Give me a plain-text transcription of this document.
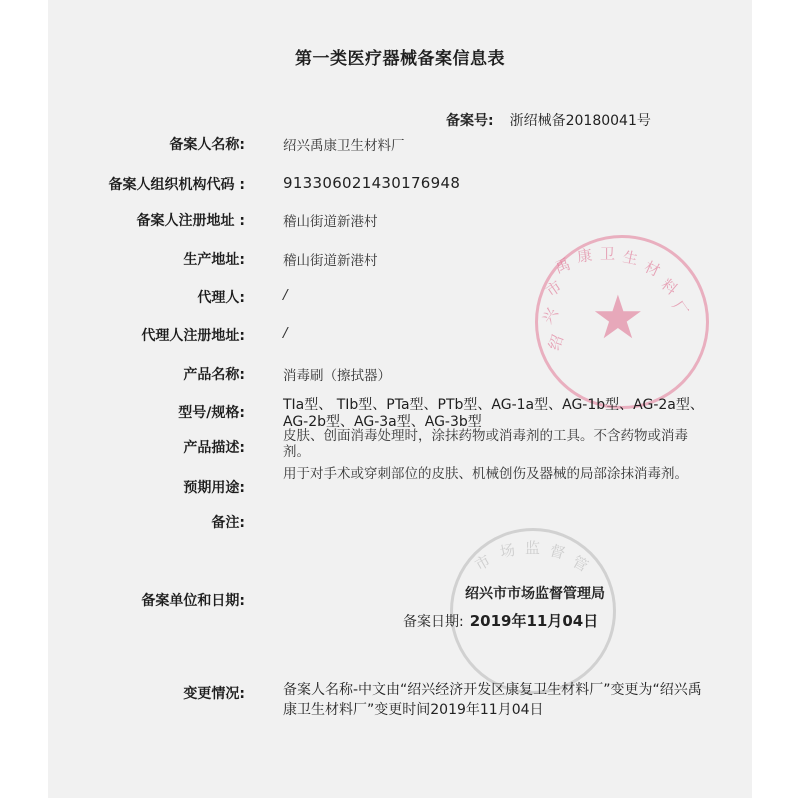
第一类医疗器械备案信息表
备案号: 浙绍械备20180041号
★
禹 康 卫 生 材
料
厂
市
兴
绍
市
场 监 督
管
备案人名称:	绍兴禹康卫生材料厂
备案人组织机构代码 :	913306021430176948
备案人注册地址 :	稽山街道新港村
生产地址:	稽山街道新港村
代理人:	/
代理人注册地址:	/
产品名称:	消毒刷（擦拭器）
型号/规格:	TIa型、 TIb型、PTa型、PTb型、AG-1a型、AG-1b型、AG-2a型、AG-2b型、AG-3a型、AG-3b型
产品描述:
皮肤、创面消毒处理时，涂抹药物或消毒剂的工具。不含药物或消毒剂。
预期用途:
用于对手术或穿刺部位的皮肤、机械创伤及器械的局部涂抹消毒剂。
备注:
备案单位和日期:	绍兴市市场监督管理局
备案日期: 2019年11月04日
变更情况:	备案人名称-中文由“绍兴经济开发区康复卫生材料厂”变更为“绍兴禹康卫生材料厂”变更时间2019年11月04日
